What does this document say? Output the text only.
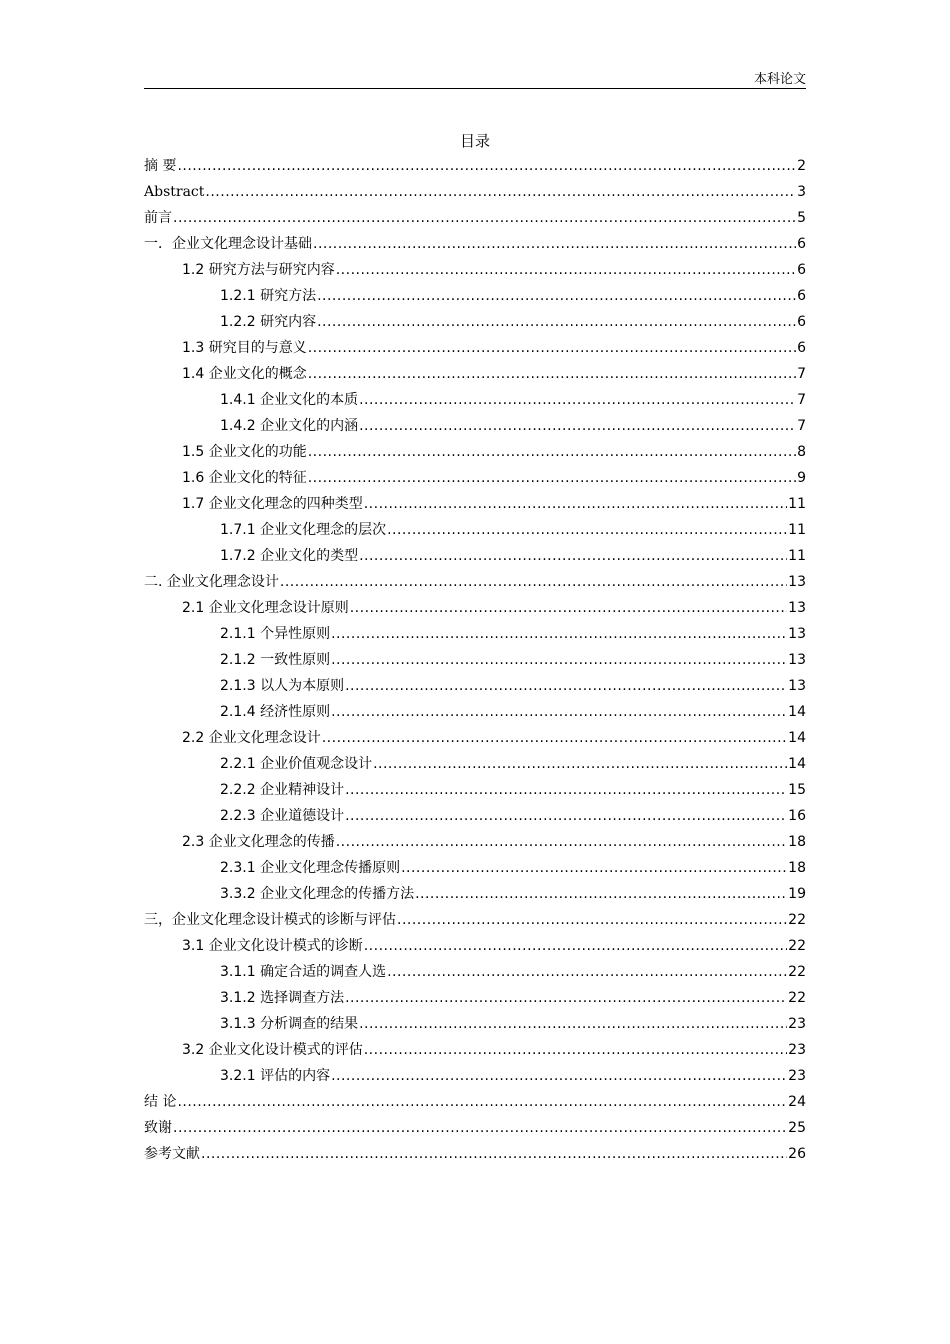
本科论文
目录
摘 要 .....	2
Abstract .....	3
前言 .....	5
一．企业文化理念设计基础 .....	6
1.2 研究方法与研究内容 .....	6
1.2.1 研究方法 .....	6
1.2.2 研究内容 .....	6
1.3 研究目的与意义 .....	6
1.4 企业文化的概念 .....	7
1.4.1 企业文化的本质 .....	7
1.4.2 企业文化的内涵 .....	7
1.5 企业文化的功能 .....	8
1.6 企业文化的特征 .....	9
1.7 企业文化理念的四种类型 .....	11
1.7.1 企业文化理念的层次 .....	11
1.7.2 企业文化的类型 .....	11
二. 企业文化理念设计 .....	13
2.1 企业文化理念设计原则 .....	13
2.1.1 个异性原则 .....	13
2.1.2 一致性原则 .....	13
2.1.3 以人为本原则 .....	13
2.1.4 经济性原则 .....	14
2.2 企业文化理念设计 .....	14
2.2.1 企业价值观念设计 .....	14
2.2.2 企业精神设计 .....	15
2.2.3 企业道德设计 .....	16
2.3 企业文化理念的传播 .....	18
2.3.1 企业文化理念传播原则 .....	18
3.3.2 企业文化理念的传播方法 .....	19
三，企业文化理念设计模式的诊断与评估 .....	22
3.1 企业文化设计模式的诊断 .....	22
3.1.1 确定合适的调查人选 .....	22
3.1.2 选择调查方法 .....	22
3.1.3 分析调查的结果 .....	23
3.2 企业文化设计模式的评估 .....	23
3.2.1 评估的内容 .....	23
结 论 .....	24
致谢 .....	25
参考文献 .....	26
